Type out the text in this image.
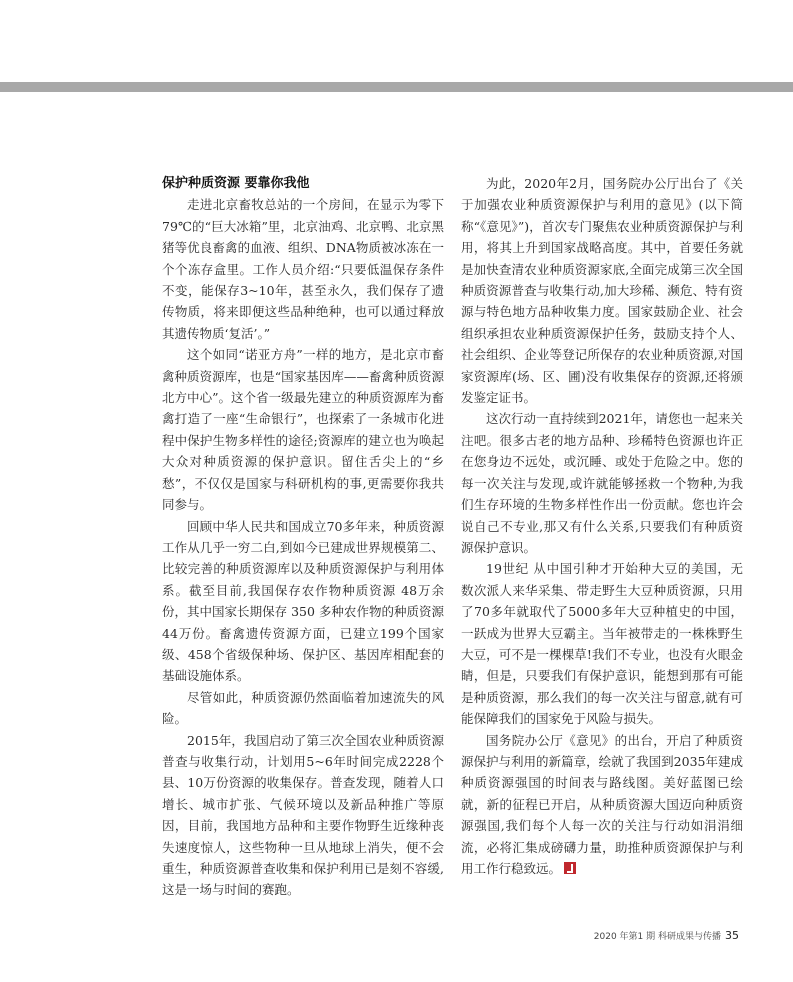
保护种质资源 要靠你我他

走进北京畜牧总站的一个房间，在显示为零下79℃的“巨大冰箱”里，北京油鸡、北京鸭、北京黑猪等优良畜禽的血液、组织、DNA物质被冰冻在一个个冻存盒里。工作人员介绍:“只要低温保存条件不变，能保存3~10年，甚至永久，我们保存了遗传物质，将来即便这些品种绝种，也可以通过释放其遗传物质‘复活’。”

这个如同“诺亚方舟”一样的地方，是北京市畜禽种质资源库，也是“国家基因库——畜禽种质资源北方中心”。这个省一级最先建立的种质资源库为畜禽打造了一座“生命银行”，也探索了一条城市化进程中保护生物多样性的途径;资源库的建立也为唤起大众对种质资源的保护意识。留住舌尖上的“乡愁”，不仅仅是国家与科研机构的事,更需要你我共同参与。

回顾中华人民共和国成立70多年来，种质资源工作从几乎一穷二白,到如今已建成世界规模第二、比较完善的种质资源库以及种质资源保护与利用体系。截至目前,我国保存农作物种质资源 48万余份，其中国家长期保存 350 多种农作物的种质资源 44万份。畜禽遗传资源方面，已建立199个国家级、458个省级保种场、保护区、基因库相配套的基础设施体系。

尽管如此，种质资源仍然面临着加速流失的风险。

2015年，我国启动了第三次全国农业种质资源普查与收集行动，计划用5~6年时间完成2228个县、10万份资源的收集保存。普查发现，随着人口增长、城市扩张、气候环境以及新品种推广等原因，目前，我国地方品种和主要作物野生近缘种丧失速度惊人，这些物种一旦从地球上消失，便不会重生，种质资源普查收集和保护利用已是刻不容缓,这是一场与时间的赛跑。

为此，2020年2月，国务院办公厅出台了《关于加强农业种质资源保护与利用的意见》(以下简称“《意见》”)，首次专门聚焦农业种质资源保护与利用，将其上升到国家战略高度。其中，首要任务就是加快查清农业种质资源家底,全面完成第三次全国种质资源普查与收集行动,加大珍稀、濒危、特有资源与特色地方品种收集力度。国家鼓励企业、社会组织承担农业种质资源保护任务，鼓励支持个人、社会组织、企业等登记所保存的农业种质资源,对国家资源库(场、区、圃)没有收集保存的资源,还将颁发鉴定证书。

这次行动一直持续到2021年，请您也一起来关注吧。很多古老的地方品种、珍稀特色资源也许正在您身边不远处，或沉睡、或处于危险之中。您的每一次关注与发现,或许就能够拯救一个物种,为我们生存环境的生物多样性作出一份贡献。您也许会说自己不专业,那又有什么关系,只要我们有种质资源保护意识。

19世纪 从中国引种才开始种大豆的美国，无数次派人来华采集、带走野生大豆种质资源，只用了70多年就取代了5000多年大豆种植史的中国，一跃成为世界大豆霸主。当年被带走的一株株野生大豆，可不是一棵棵草!我们不专业，也没有火眼金睛，但是，只要我们有保护意识，能想到那有可能是种质资源，那么我们的每一次关注与留意,就有可能保障我们的国家免于风险与损失。

国务院办公厅《意见》的出台，开启了种质资源保护与利用的新篇章，绘就了我国到2035年建成种质资源强国的时间表与路线图。美好蓝图已绘就，新的征程已开启，从种质资源大国迈向种质资源强国,我们每个人每一次的关注与行动如涓涓细流，必将汇集成磅礴力量，助推种质资源保护与利用工作行稳致远。

2020 年第1 期 科研成果与传播 35
